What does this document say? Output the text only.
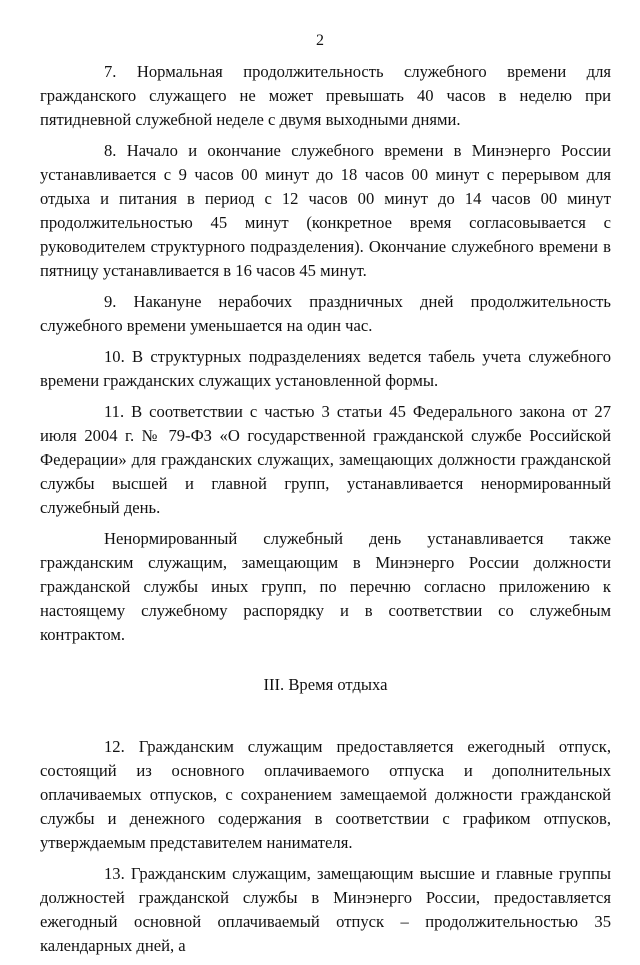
2

7. Нормальная продолжительность служебного времени для гражданского служащего не может превышать 40 часов в неделю при пятидневной служебной неделе с двумя выходными днями.

8. Начало и окончание служебного времени в Минэнерго России устанавливается с 9 часов 00 минут до 18 часов 00 минут с перерывом для отдыха и питания в период с 12 часов 00 минут до 14 часов 00 минут продолжительностью 45 минут (конкретное время согласовывается с руководителем структурного подразделения). Окончание служебного времени в пятницу устанавливается в 16 часов 45 минут.

9. Накануне нерабочих праздничных дней продолжительность служебного времени уменьшается на один час.

10. В структурных подразделениях ведется табель учета служебного времени гражданских служащих установленной формы.

11. В соответствии с частью 3 статьи 45 Федерального закона от 27 июля 2004 г. № 79-ФЗ «О государственной гражданской службе Российской Федерации» для гражданских служащих, замещающих должности гражданской службы высшей и главной групп, устанавливается ненормированный служебный день.

Ненормированный служебный день устанавливается также гражданским служащим, замещающим в Минэнерго России должности гражданской службы иных групп, по перечню согласно приложению к настоящему служебному распорядку и в соответствии со служебным контрактом.

III. Время отдыха

12. Гражданским служащим предоставляется ежегодный отпуск, состоящий из основного оплачиваемого отпуска и дополнительных оплачиваемых отпусков, с сохранением замещаемой должности гражданской службы и денежного содержания в соответствии с графиком отпусков, утверждаемым представителем нанимателя.

13. Гражданским служащим, замещающим высшие и главные группы должностей гражданской службы в Минэнерго России, предоставляется ежегодный основной оплачиваемый отпуск – продолжительностью 35 календарных дней, а
